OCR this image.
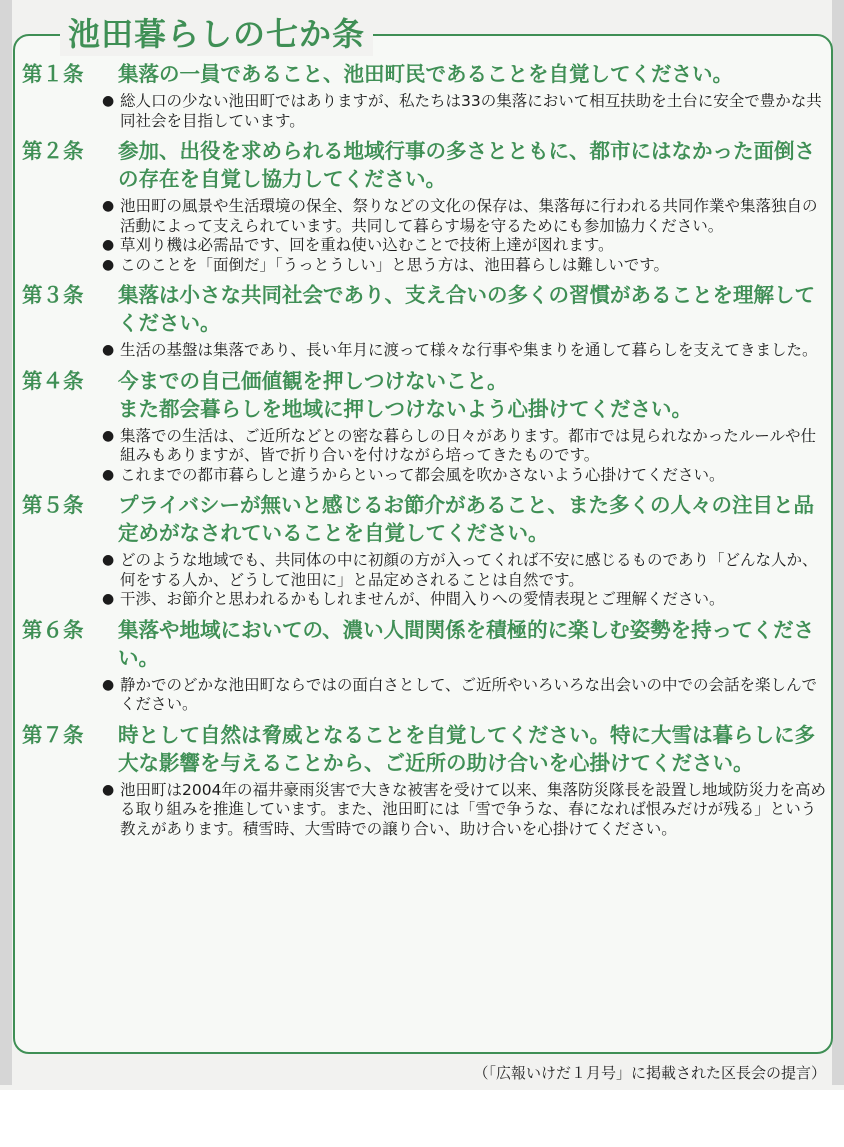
池田暮らしの七か条
第１条	集落の一員であること、池田町民であることを自覚してください。
● 総人口の少ない池田町ではありますが、私たちは33の集落において相互扶助を土台に安全で豊かな共同社会を目指しています。
第２条	参加、出役を求められる地域行事の多さとともに、都市にはなかった面倒さの存在を自覚し協力してください。
● 池田町の風景や生活環境の保全、祭りなどの文化の保存は、集落毎に行われる共同作業や集落独自の活動によって支えられています。共同して暮らす場を守るためにも参加協力ください。
● 草刈り機は必需品です、回を重ね使い込むことで技術上達が図れます。
● このことを「面倒だ」「うっとうしい」と思う方は、池田暮らしは難しいです。
第３条	集落は小さな共同社会であり、支え合いの多くの習慣があることを理解してください。
● 生活の基盤は集落であり、長い年月に渡って様々な行事や集まりを通して暮らしを支えてきました。
第４条	今までの自己価値観を押しつけないこと。
また都会暮らしを地域に押しつけないよう心掛けてください。
● 集落での生活は、ご近所などとの密な暮らしの日々があります。都市では見られなかったルールや仕組みもありますが、皆で折り合いを付けながら培ってきたものです。
● これまでの都市暮らしと違うからといって都会風を吹かさないよう心掛けてください。
第５条	プライバシーが無いと感じるお節介があること、また多くの人々の注目と品定めがなされていることを自覚してください。
● どのような地域でも、共同体の中に初顔の方が入ってくれば不安に感じるものであり「どんな人か、何をする人か、どうして池田に」と品定めされることは自然です。
● 干渉、お節介と思われるかもしれませんが、仲間入りへの愛情表現とご理解ください。
第６条	集落や地域においての、濃い人間関係を積極的に楽しむ姿勢を持ってください。
● 静かでのどかな池田町ならではの面白さとして、ご近所やいろいろな出会いの中での会話を楽しんでください。
第７条	時として自然は脅威となることを自覚してください。特に大雪は暮らしに多大な影響を与えることから、ご近所の助け合いを心掛けてください。
● 池田町は2004年の福井豪雨災害で大きな被害を受けて以来、集落防災隊長を設置し地域防災力を高める取り組みを推進しています。また、池田町には「雪で争うな、春になれば恨みだけが残る」という教えがあります。積雪時、大雪時での譲り合い、助け合いを心掛けてください。
（「広報いけだ１月号」に掲載された区長会の提言）
